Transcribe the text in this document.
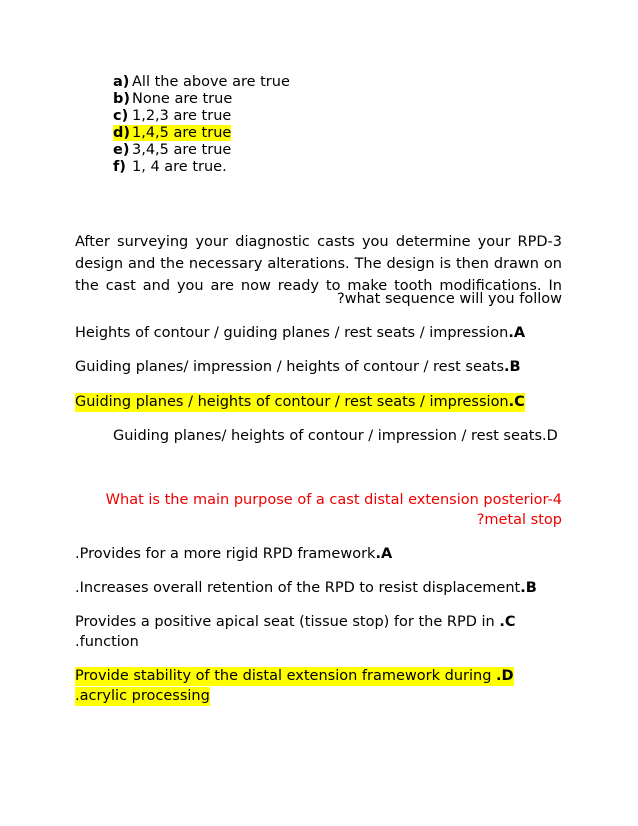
a) All the above are true
b) None are true
c) 1,2,3 are true
d) 1,4,5 are true
e) 3,4,5 are true
f) 1, 4 are true.
After surveying your diagnostic casts you determine your RPD-3
design and the necessary alterations. The design is then drawn on
the cast and you are now ready to make tooth modifications. In
?what sequence will you follow
Heights of contour / guiding planes / rest seats / impression.A
Guiding planes/ impression / heights of contour / rest seats.B
Guiding planes / heights of contour / rest seats / impression.C
Guiding planes/ heights of contour / impression / rest seats.D
What is the main purpose of a cast distal extension posterior-4
?metal stop
.Provides for a more rigid RPD framework.A
.Increases overall retention of the RPD to resist displacement.B
Provides a positive apical seat (tissue stop) for the RPD in .C
.function
Provide stability of the distal extension framework during .D
.acrylic processing
